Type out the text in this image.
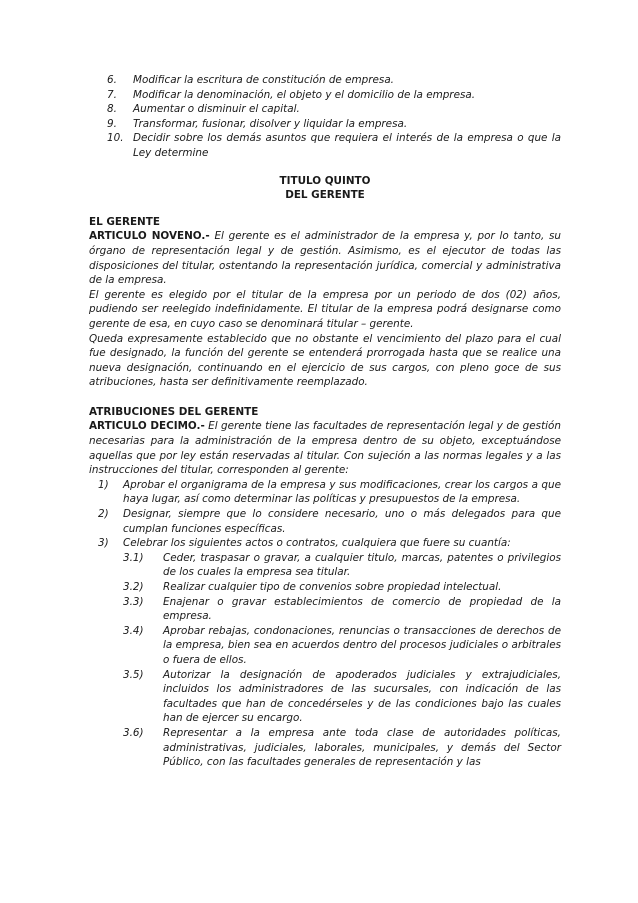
6.	Modificar la escritura de constitución de empresa.
7.	Modificar la denominación, el objeto y el domicilio de la empresa.
8.	Aumentar o disminuir el capital.
9.	Transformar, fusionar, disolver y liquidar la empresa.
10. Decidir sobre los demás asuntos que requiera el interés de la empresa o que la Ley determine
TITULO QUINTO
DEL GERENTE
EL GERENTE

ARTICULO NOVENO.- El gerente es el administrador de la empresa y, por lo tanto, su órgano de representación legal y de gestión. Asimismo, es el ejecutor de todas las disposiciones del titular, ostentando la representación jurídica, comercial y administrativa de la empresa.

El gerente es elegido por el titular de la empresa por un periodo de dos (02) años, pudiendo ser reelegido indefinidamente. El titular de la empresa podrá designarse como gerente de esa, en cuyo caso se denominará titular – gerente.

Queda expresamente establecido que no obstante el vencimiento del plazo para el cual fue designado, la función del gerente se entenderá prorrogada hasta que se realice una nueva designación, continuando en el ejercicio de sus cargos, con pleno goce de sus atribuciones, hasta ser definitivamente reemplazado.

ATRIBUCIONES DEL GERENTE

ARTICULO DECIMO.- El gerente tiene las facultades de representación legal y de gestión necesarias para la administración de la empresa dentro de su objeto, exceptuándose aquellas que por ley están reservadas al titular. Con sujeción a las normas legales y a las instrucciones del titular, corresponden al gerente:

1)	Aprobar el organigrama de la empresa y sus modificaciones, crear los cargos a que haya lugar, así como determinar las políticas y presupuestos de la empresa.
2)	Designar, siempre que lo considere necesario, uno o más delegados para que cumplan funciones específicas.
3)	Celebrar los siguientes actos o contratos, cualquiera que fuere su cuantía:
3.1)	Ceder, traspasar o gravar, a cualquier titulo, marcas, patentes o privilegios de los cuales la empresa sea titular.
3.2)	Realizar cualquier tipo de convenios sobre propiedad intelectual.
3.3)	Enajenar o gravar establecimientos de comercio de propiedad de la empresa.
3.4)	Aprobar rebajas, condonaciones, renuncias o transacciones de derechos de la empresa, bien sea en acuerdos dentro del procesos judiciales o arbitrales o fuera de ellos.
3.5)	Autorizar la designación de apoderados judiciales y extrajudiciales, incluidos los administradores de las sucursales, con indicación de las facultades que han de concedérseles y de las condiciones bajo las cuales han de ejercer su encargo.
3.6)	Representar a la empresa ante toda clase de autoridades políticas, administrativas, judiciales, laborales, municipales, y demás del Sector Público, con las facultades generales de representación y las
